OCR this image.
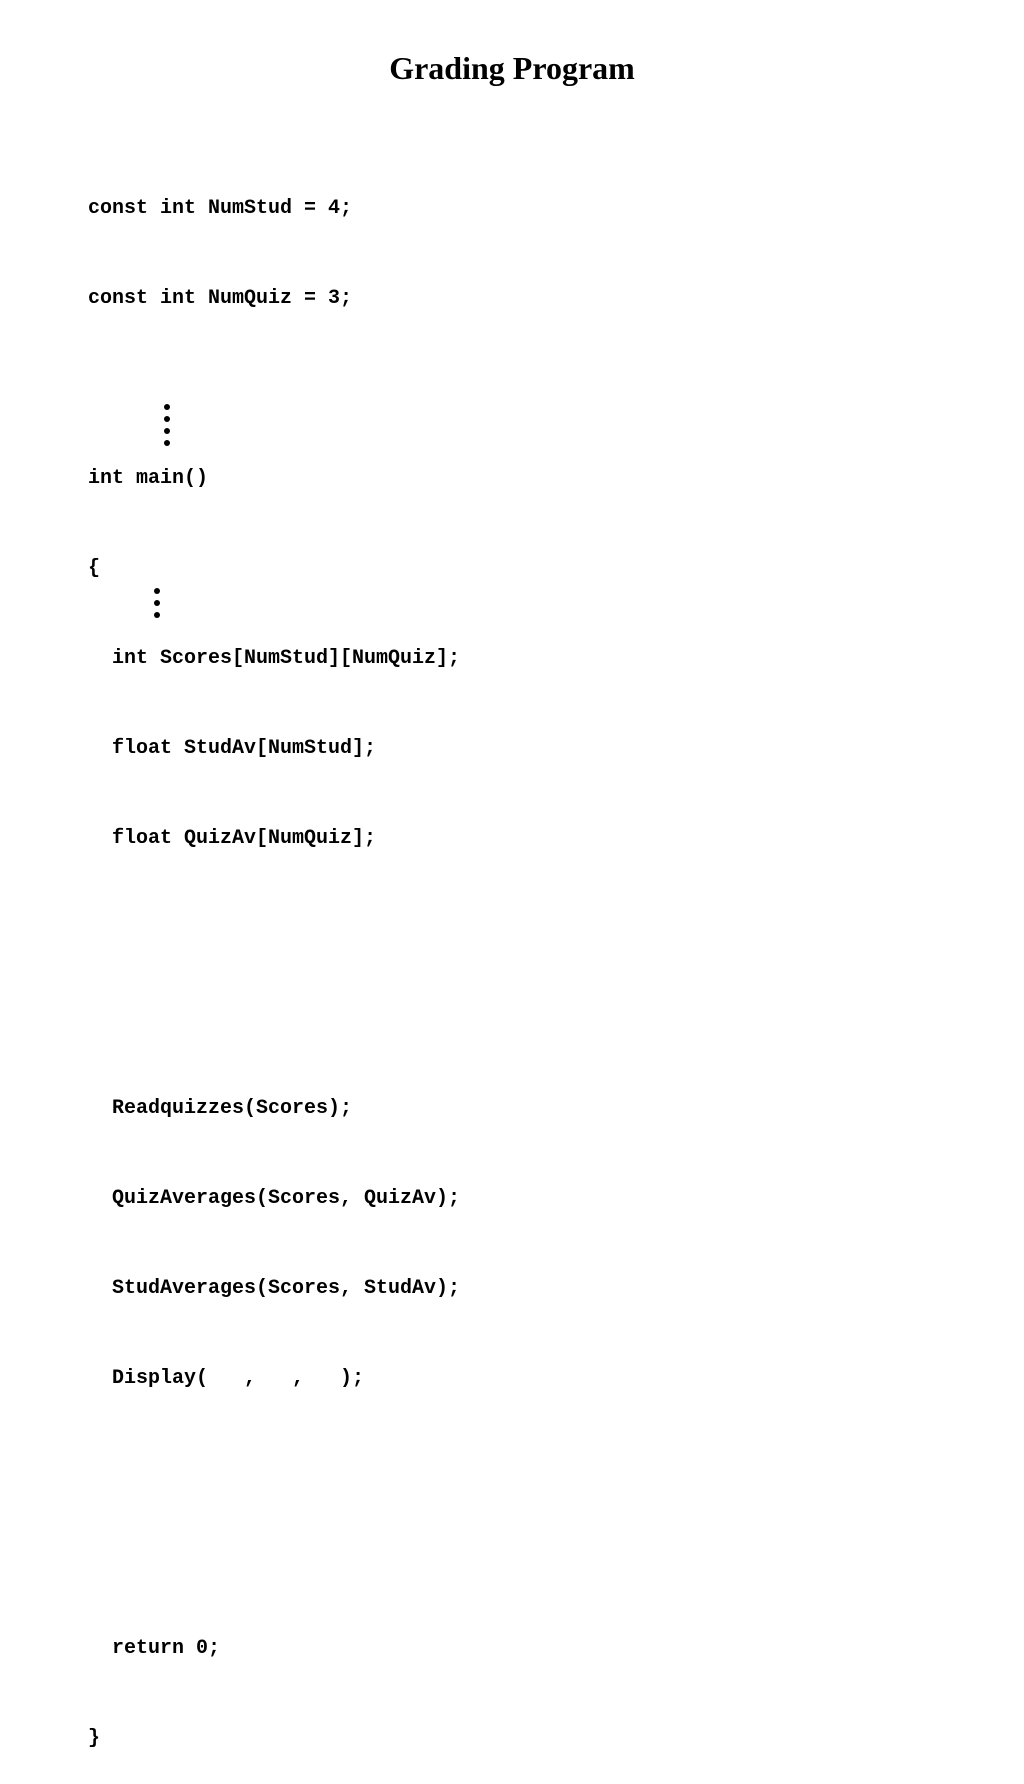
Grading Program

const int NumStud = 4;

const int NumQuiz = 3;

int main()

{

int Scores[NumStud][NumQuiz];

float StudAv[NumStud];

float QuizAv[NumQuiz];

Readquizzes(Scores);

QuizAverages(Scores, QuizAv);

StudAverages(Scores, StudAv);

Display(   ,   ,   );

return 0;

}
